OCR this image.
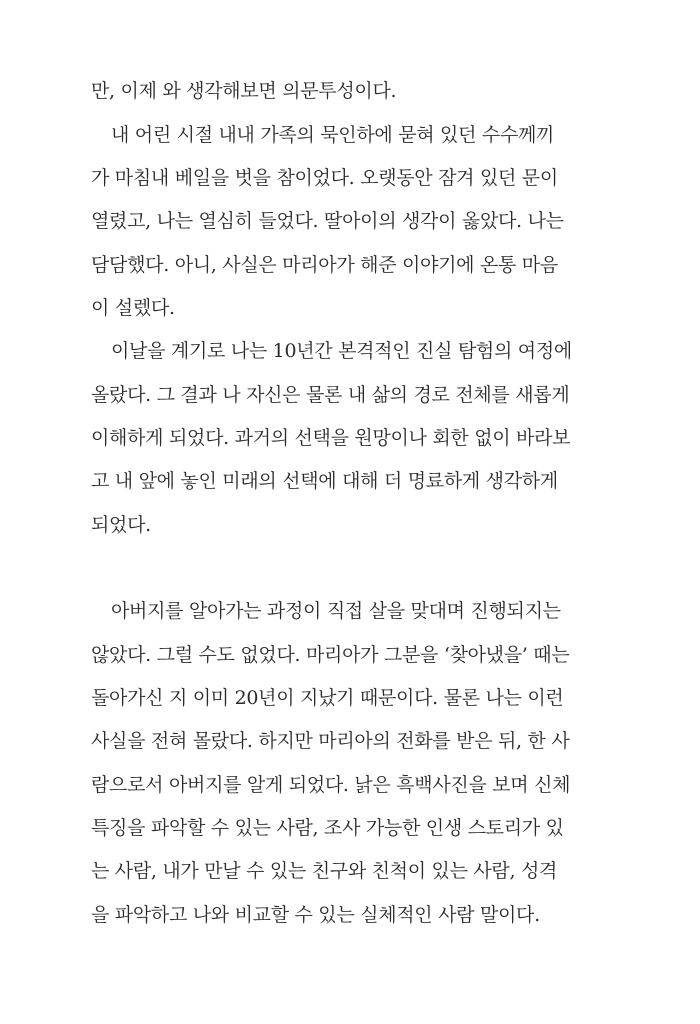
만, 이제 와 생각해보면 의문투성이다.
내 어린 시절 내내 가족의 묵인하에 묻혀 있던 수수께끼
가 마침내 베일을 벗을 참이었다. 오랫동안 잠겨 있던 문이
열렸고, 나는 열심히 들었다. 딸아이의 생각이 옳았다. 나는
담담했다. 아니, 사실은 마리아가 해준 이야기에 온통 마음
이 설렜다.
이날을 계기로 나는 10년간 본격적인 진실 탐험의 여정에
올랐다. 그 결과 나 자신은 물론 내 삶의 경로 전체를 새롭게
이해하게 되었다. 과거의 선택을 원망이나 회한 없이 바라보
고 내 앞에 놓인 미래의 선택에 대해 더 명료하게 생각하게
되었다.
아버지를 알아가는 과정이 직접 살을 맞대며 진행되지는
않았다. 그럴 수도 없었다. 마리아가 그분을 ‘찾아냈을’ 때는
돌아가신 지 이미 20년이 지났기 때문이다. 물론 나는 이런
사실을 전혀 몰랐다. 하지만 마리아의 전화를 받은 뒤, 한 사
람으로서 아버지를 알게 되었다. 낡은 흑백사진을 보며 신체
특징을 파악할 수 있는 사람, 조사 가능한 인생 스토리가 있
는 사람, 내가 만날 수 있는 친구와 친척이 있는 사람, 성격
을 파악하고 나와 비교할 수 있는 실체적인 사람 말이다.
